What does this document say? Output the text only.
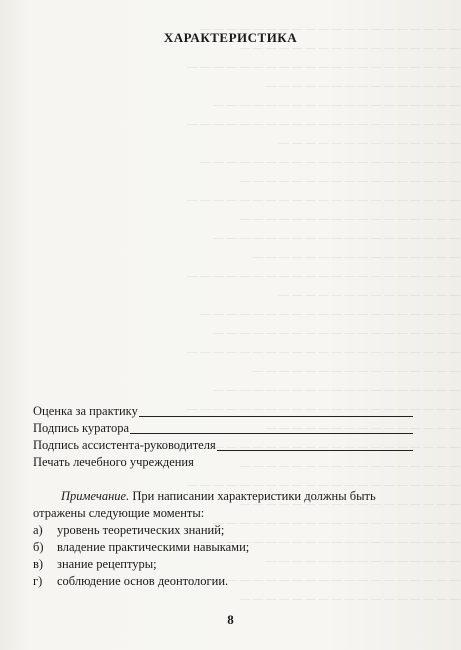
— — — — — — — — — — — — — — — — — — — —
— — — — — — — — — — — — — — — — —
— — — — — — — — — — — — — — — — — — — — —
— — — — — — — — — — — — — — —
— — — — — — — — — — — — — — — — — — —
— — — — — — — — — — — — — — — — — — — — —
— — — — — — — — — — — — — —
— — — — — — — — — — — — — — — — — — — —
— — — — — — — — — — — — — — — — —
— — — — — — — — — — — — — — — — — — — — —
— — — — — — — — — — — — — — — — —
— — — — — — — — — — — — — — — — — — —
— — — — — — — — — — — — — — — —
— — — — — — — — — — — — — — — — — — — — —
— — — — — — — — — — — — — —
— — — — — — — — — — — — — — — — — — — —
— — — — — — — — — — — — — — — — — — —
— — — — — — — — — — — — — — — — — — — — —
— — — — — — — — — — — — — — — —
— — — — — — — — — — — — — — — — — — —
— — — — — — — — — — — — — — — — — — — — —
— — — — — — — — — — — — — — —
— — — — — — — — — — — — — — — — — — — —
— — — — — — — — — — — — — — — — —
— — — — — — — — — — — — — — — — — — — — —
— — — — — — — — — — — — — — — — —
— — — — — — — — — — — — — — — — — — —
— — — — — — — — — — — — — — — — — — — —
— — — — — — — — — — — — — — —
— — — — — — — — — — — — — — — — — — — — —
— — — — — — — — — — — — — — — — —
ХАРАКТЕРИСТИКА
Оценка за практику
Подпись куратора
Подпись ассистента-руководителя
Печать лечебного учреждения
Примечание. При написании характеристики должны быть отражены следующие моменты:
а)	уровень теоретических знаний;
б)	владение практическими навыками;
в)	знание рецептуры;
г)	соблюдение основ деонтологии.
8
